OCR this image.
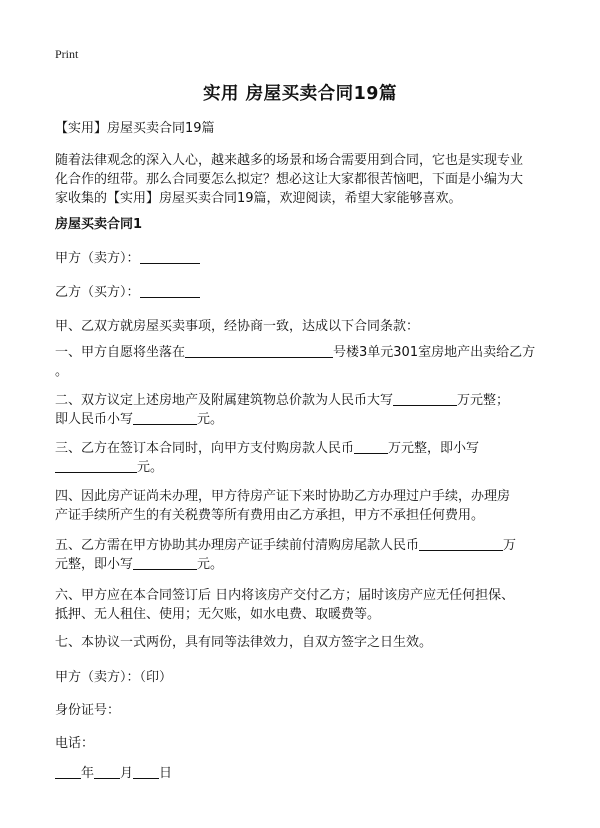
Print
实用 房屋买卖合同19篇
【实用】房屋买卖合同19篇
随着法律观念的深入人心，越来越多的场景和场合需要用到合同，它也是实现专业
化合作的纽带。那么合同要怎么拟定？想必这让大家都很苦恼吧，下面是小编为大
家收集的【实用】房屋买卖合同19篇，欢迎阅读，希望大家能够喜欢。
房屋买卖合同1
甲方（卖方）：
乙方（买方）：
甲、乙双方就房屋买卖事项，经协商一致，达成以下合同条款：
一、甲方自愿将坐落在	号楼3单元301室房地产出卖给乙方
。
二、双方议定上述房地产及附属建筑物总价款为人民币大写	万元整；
即人民币小写	元。
三、乙方在签订本合同时，向甲方支付购房款人民币	万元整，即小写
元。
四、因此房产证尚未办理，甲方待房产证下来时协助乙方办理过户手续，办理房
产证手续所产生的有关税费等所有费用由乙方承担，甲方不承担任何费用。
五、乙方需在甲方协助其办理房产证手续前付清购房尾款人民币	万
元整，即小写	元。
六、甲方应在本合同签订后 日内将该房产交付乙方；届时该房产应无任何担保、
抵押、无人租住、使用；无欠账，如水电费、取暖费等。
七、本协议一式两份，具有同等法律效力，自双方签字之日生效。
甲方（卖方）：（印）
身份证号：
电话：
年 月 日
